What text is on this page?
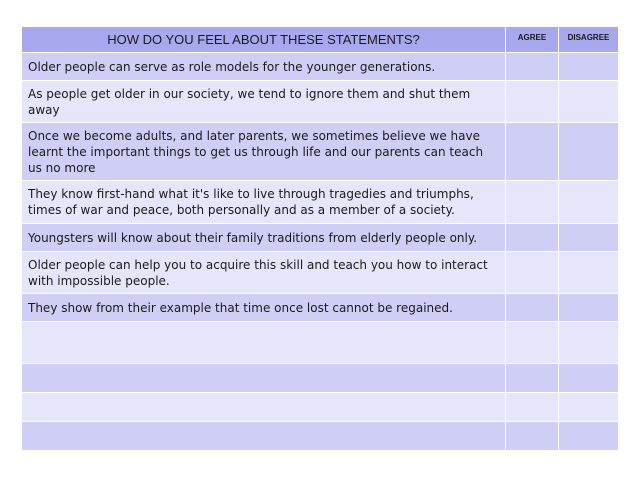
HOW DO YOU FEEL ABOUT THESE STATEMENTS?	AGREE	DISAGREE
Older people can serve as role models for the younger generations.		
As people get older in our society, we tend to ignore them and shut them away		
Once we become adults, and later parents, we sometimes believe we have learnt the important things to get us through life and our parents can teach us no more		
They know first-hand what it's like to live through tragedies and triumphs, times of war and peace, both personally and as a member of a society.		
Youngsters will know about their family traditions from elderly people only.		
Older people can help you to acquire this skill and teach you how to interact with impossible people.		
They show from their example that time once lost cannot be regained.		
